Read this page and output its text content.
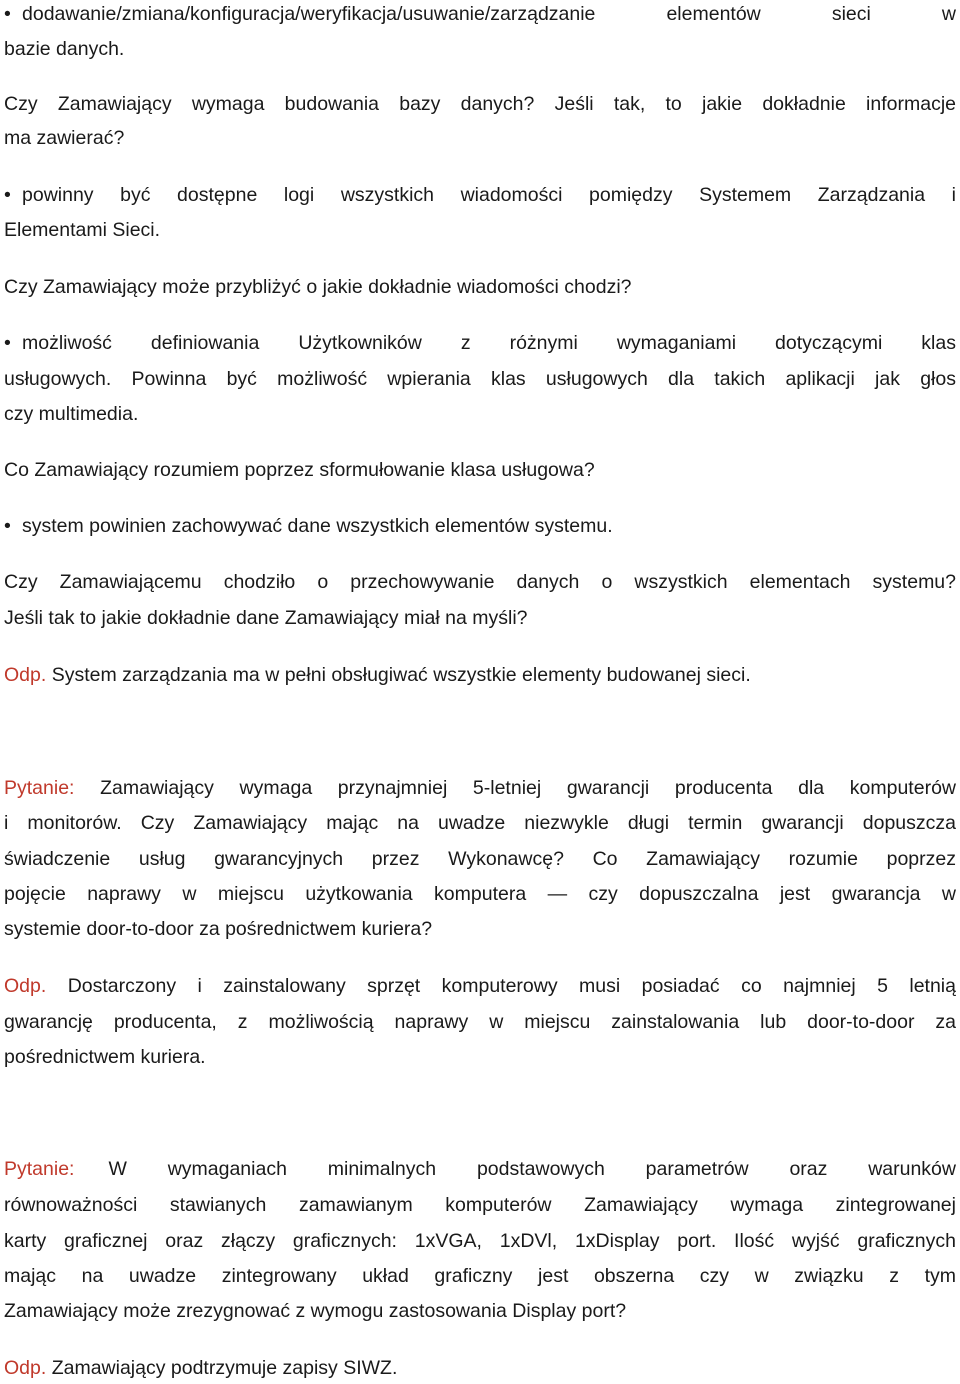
• dodawanie/zmiana/konfiguracja/weryfikacja/usuwanie/zarządzanie elementów sieci w
bazie danych.
Czy Zamawiający wymaga budowania bazy danych? Jeśli tak, to jakie dokładnie informacje
ma zawierać?
• powinny być dostępne logi wszystkich wiadomości pomiędzy Systemem Zarządzania i
Elementami Sieci.
Czy Zamawiający może przybliżyć o jakie dokładnie wiadomości chodzi?
• możliwość definiowania Użytkowników z różnymi wymaganiami dotyczącymi klas
usługowych. Powinna być możliwość wpierania klas usługowych dla takich aplikacji jak głos
czy multimedia.
Co Zamawiający rozumiem poprzez sformułowanie klasa usługowa?
• system powinien zachowywać dane wszystkich elementów systemu.
Czy Zamawiającemu chodziło o przechowywanie danych o wszystkich elementach systemu?
Jeśli tak to jakie dokładnie dane Zamawiający miał na myśli?
Odp. System zarządzania ma w pełni obsługiwać wszystkie elementy budowanej sieci.
Pytanie: Zamawiający wymaga przynajmniej 5-letniej gwarancji producenta dla komputerów
i monitorów. Czy Zamawiający mając na uwadze niezwykle długi termin gwarancji dopuszcza
świadczenie usług gwarancyjnych przez Wykonawcę? Co Zamawiający rozumie poprzez
pojęcie naprawy w miejscu użytkowania komputera — czy dopuszczalna jest gwarancja w
systemie door-to-door za pośrednictwem kuriera?
Odp. Dostarczony i zainstalowany sprzęt komputerowy musi posiadać co najmniej 5 letnią
gwarancję producenta, z możliwością naprawy w miejscu zainstalowania lub door-to-door za
pośrednictwem kuriera.
Pytanie: W wymaganiach minimalnych podstawowych parametrów oraz warunków
równoważności stawianych zamawianym komputerów Zamawiający wymaga zintegrowanej
karty graficznej oraz złączy graficznych: 1xVGA, 1xDVl, 1xDisplay port. Ilość wyjść graficznych
mając na uwadze zintegrowany układ graficzny jest obszerna czy w związku z tym
Zamawiający może zrezygnować z wymogu zastosowania Display port?
Odp. Zamawiający podtrzymuje zapisy SIWZ.
